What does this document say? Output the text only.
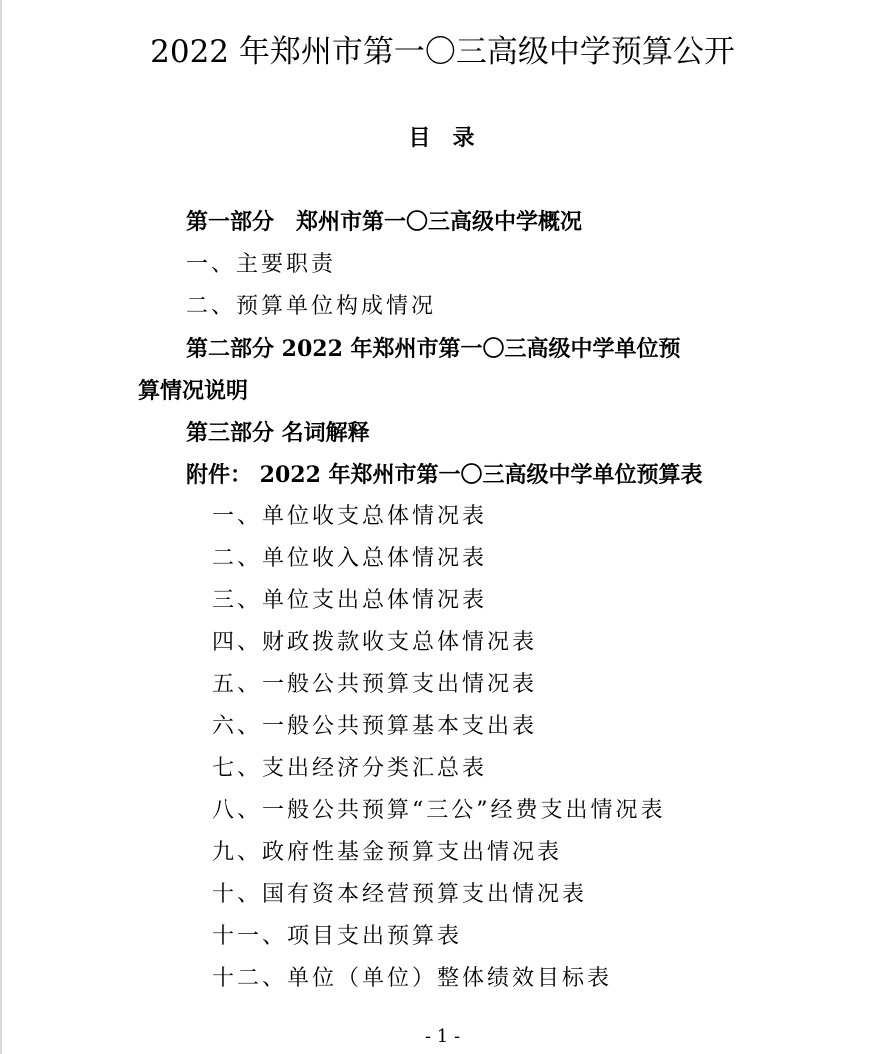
2022 年郑州市第一〇三高级中学预算公开
目录
第一部分　郑州市第一〇三高级中学概况
一、主要职责
二、预算单位构成情况
第二部分 2022 年郑州市第一〇三高级中学单位预
算情况说明
第三部分 名词解释
附件： 2022 年郑州市第一〇三高级中学单位预算表
一、单位收支总体情况表
二、单位收入总体情况表
三、单位支出总体情况表
四、财政拨款收支总体情况表
五、一般公共预算支出情况表
六、一般公共预算基本支出表
七、支出经济分类汇总表
八、一般公共预算“三公”经费支出情况表
九、政府性基金预算支出情况表
十、国有资本经营预算支出情况表
十一、项目支出预算表
十二、单位（单位）整体绩效目标表
- 1 -
